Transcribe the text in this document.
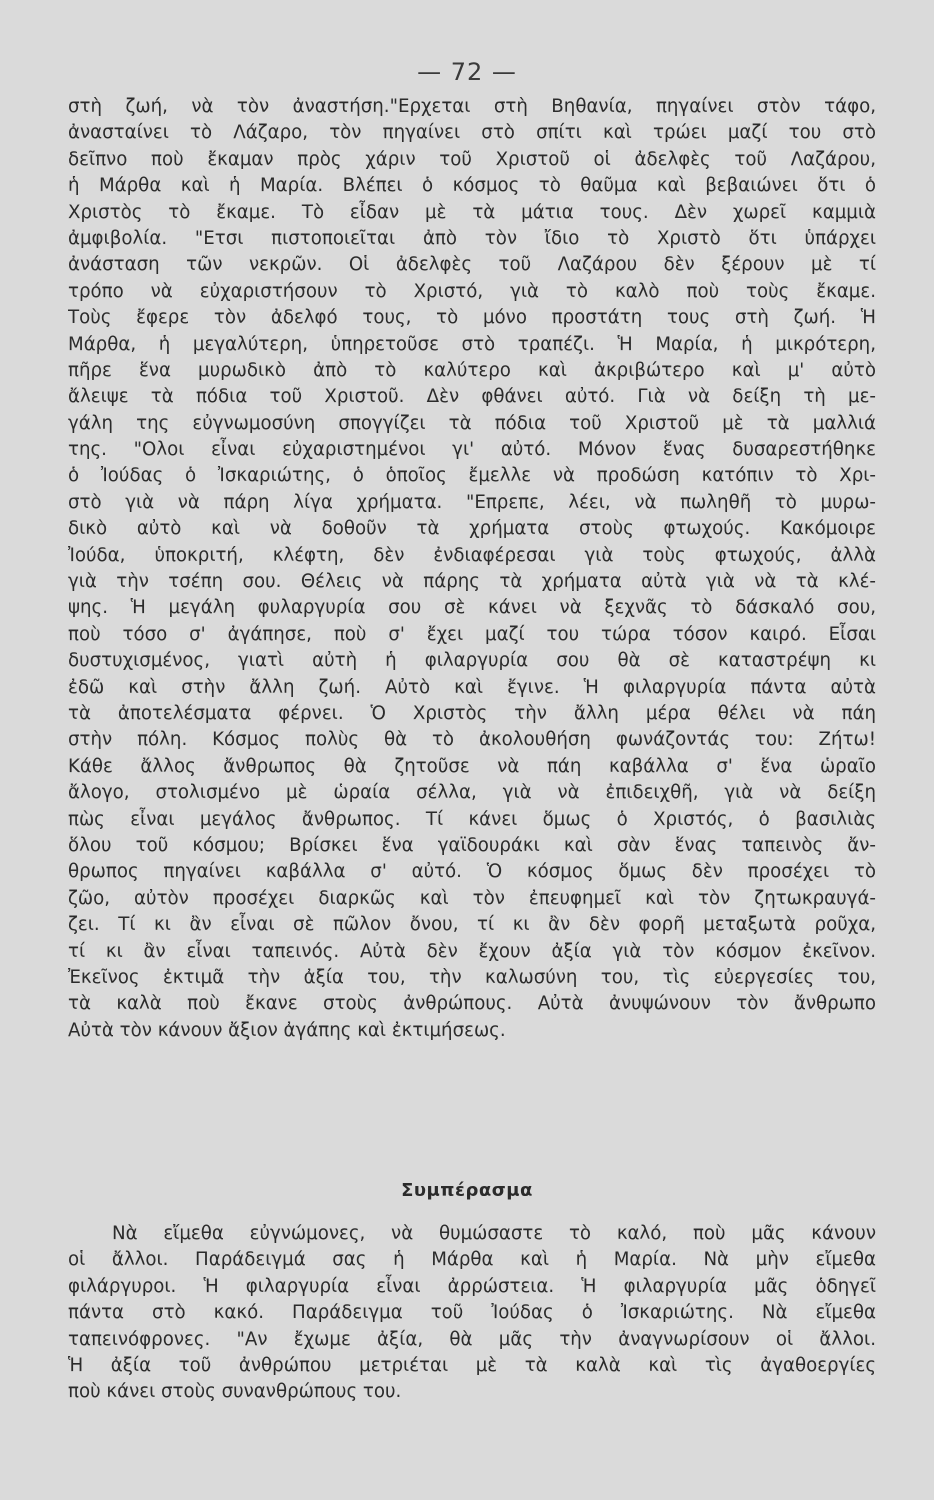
— 72 —
στὴ ζωή, νὰ τὸν ἀναστήση."Ερχεται στὴ Βηθανία, πηγαίνει στὸν τάφο,
ἀνασταίνει τὸ Λάζαρο, τὸν πηγαίνει στὸ σπίτι καὶ τρώει μαζί του στὸ
δεῖπνο ποὺ ἔκαμαν πρὸς χάριν τοῦ Χριστοῦ οἱ ἀδελφὲς τοῦ Λαζάρου,
ἡ Μάρθα καὶ ἡ Μαρία. Βλέπει ὁ κόσμος τὸ θαῦμα καὶ βεβαιώνει ὅτι ὁ
Χριστὸς τὸ ἔκαμε. Τὸ εἶδαν μὲ τὰ μάτια τους. Δὲν χωρεῖ καμμιὰ
ἀμφιβολία. "Ετσι πιστοποιεῖται ἀπὸ τὸν ἴδιο τὸ Χριστὸ ὅτι ὑπάρχει
ἀνάσταση τῶν νεκρῶν. Οἱ ἀδελφὲς τοῦ Λαζάρου δὲν ξέρουν μὲ τί
τρόπο νὰ εὐχαριστήσουν τὸ Χριστό, γιὰ τὸ καλὸ ποὺ τοὺς ἔκαμε.
Τοὺς ἔφερε τὸν ἀδελφό τους, τὸ μόνο προστάτη τους στὴ ζωή. Ἡ
Μάρθα, ἡ μεγαλύτερη, ὑπηρετοῦσε στὸ τραπέζι. Ἡ Μαρία, ἡ μικρότερη,
πῆρε ἕνα μυρωδικὸ ἀπὸ τὸ καλύτερο καὶ ἀκριβώτερο καὶ μ' αὐτὸ
ἄλειψε τὰ πόδια τοῦ Χριστοῦ. Δὲν φθάνει αὐτό. Γιὰ νὰ δείξη τὴ με-
γάλη της εὐγνωμοσύνη σπογγίζει τὰ πόδια τοῦ Χριστοῦ μὲ τὰ μαλλιά
της. "Ολοι εἶναι εὐχαριστημένοι γι' αὐτό. Μόνον ἕνας δυσαρεστήθηκε
ὁ Ἰούδας ὁ Ἰσκαριώτης, ὁ ὁποῖος ἔμελλε νὰ προδώση κατόπιν τὸ Χρι-
στὸ γιὰ νὰ πάρη λίγα χρήματα. "Επρεπε, λέει, νὰ πωληθῆ τὸ μυρω-
δικὸ αὐτὸ καὶ νὰ δοθοῦν τὰ χρήματα στοὺς φτωχούς. Κακόμοιρε
Ἰούδα, ὑποκριτή, κλέφτη, δὲν ἐνδιαφέρεσαι γιὰ τοὺς φτωχούς, ἀλλὰ
γιὰ τὴν τσέπη σου. Θέλεις νὰ πάρης τὰ χρήματα αὐτὰ γιὰ νὰ τὰ κλέ-
ψης. Ἡ μεγάλη φυλαργυρία σου σὲ κάνει νὰ ξεχνᾶς τὸ δάσκαλό σου,
ποὺ τόσο σ' ἀγάπησε, ποὺ σ' ἔχει μαζί του τώρα τόσον καιρό. Εἶσαι
δυστυχισμένος, γιατὶ αὐτὴ ἡ φιλαργυρία σου θὰ σὲ καταστρέψη κι
ἐδῶ καὶ στὴν ἄλλη ζωή. Αὐτὸ καὶ ἔγινε. Ἡ φιλαργυρία πάντα αὐτὰ
τὰ ἀποτελέσματα φέρνει. Ὁ Χριστὸς τὴν ἄλλη μέρα θέλει νὰ πάη
στὴν πόλη. Κόσμος πολὺς θὰ τὸ ἀκολουθήση φωνάζοντάς του: Ζήτω!
Κάθε ἄλλος ἄνθρωπος θὰ ζητοῦσε νὰ πάη καβάλλα σ' ἕνα ὡραῖο
ἄλογο, στολισμένο μὲ ὡραία σέλλα, γιὰ νὰ ἐπιδειχθῆ, γιὰ νὰ δείξη
πὼς εἶναι μεγάλος ἄνθρωπος. Τί κάνει ὅμως ὁ Χριστός, ὁ βασιλιὰς
ὅλου τοῦ κόσμου; Βρίσκει ἕνα γαϊδουράκι καὶ σὰν ἕνας ταπεινὸς ἄν-
θρωπος πηγαίνει καβάλλα σ' αὐτό. Ὁ κόσμος ὅμως δὲν προσέχει τὸ
ζῶο, αὐτὸν προσέχει διαρκῶς καὶ τὸν ἐπευφημεῖ καὶ τὸν ζητωκραυγά-
ζει. Τί κι ἂν εἶναι σὲ πῶλον ὄνου, τί κι ἂν δὲν φορῆ μεταξωτὰ ροῦχα,
τί κι ἂν εἶναι ταπεινός. Αὐτὰ δὲν ἔχουν ἀξία γιὰ τὸν κόσμον ἐκεῖνον.
Ἐκεῖνος ἐκτιμᾶ τὴν ἀξία του, τὴν καλωσύνη του, τὶς εὐεργεσίες του,
τὰ καλὰ ποὺ ἔκανε στοὺς ἀνθρώπους. Αὐτὰ ἀνυψώνουν τὸν ἄνθρωπο
Αὐτὰ τὸν κάνουν ἄξιον ἀγάπης καὶ ἐκτιμήσεως.
Συμπέρασμα
Νὰ εἴμεθα εὐγνώμονες, νὰ θυμώσαστε τὸ καλό, ποὺ μᾶς κάνουν
οἱ ἄλλοι. Παράδειγμά σας ἡ Μάρθα καὶ ἡ Μαρία. Νὰ μὴν εἴμεθα
φιλάργυροι. Ἡ φιλαργυρία εἶναι ἀρρώστεια. Ἡ φιλαργυρία μᾶς ὁδηγεῖ
πάντα στὸ κακό. Παράδειγμα τοῦ Ἰούδας ὁ Ἰσκαριώτης. Νὰ εἴμεθα
ταπεινόφρονες. "Αν ἔχωμε ἀξία, θὰ μᾶς τὴν ἀναγνωρίσουν οἱ ἄλλοι.
Ἡ ἀξία τοῦ ἀνθρώπου μετριέται μὲ τὰ καλὰ καὶ τὶς ἀγαθοεργίες
ποὺ κάνει στοὺς συνανθρώπους του.
